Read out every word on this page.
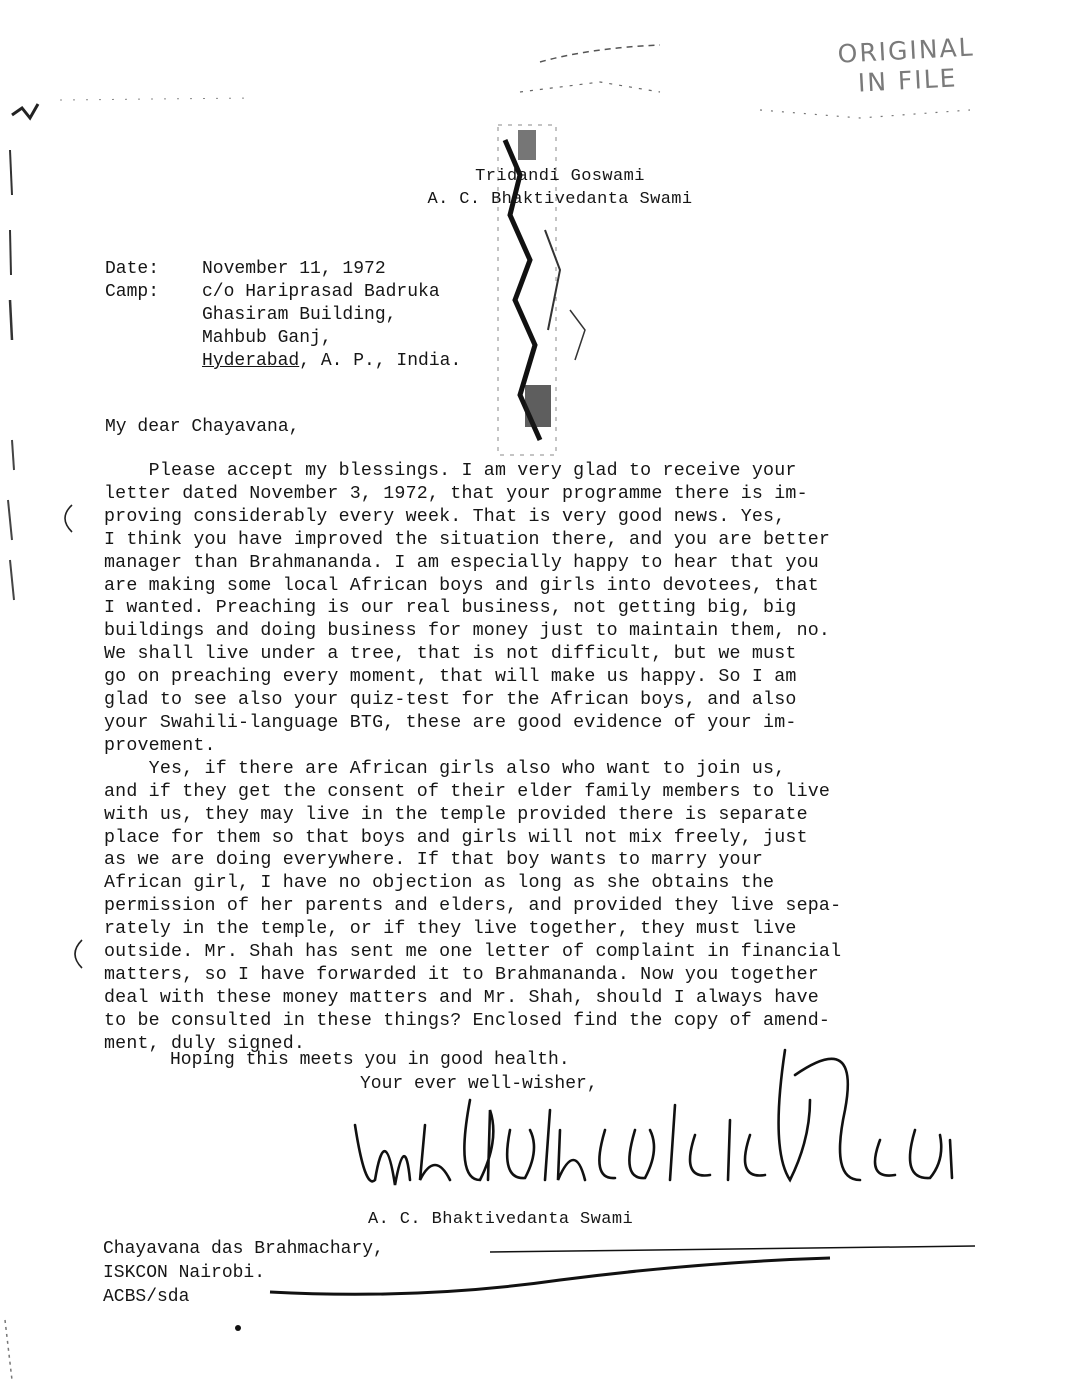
ORIGINAL
IN FILE
Tridandi Goswami
A. C. Bhaktivedanta Swami
Date: November 11, 1972
Camp: c/o Hariprasad Badruka
Ghasiram Building,
Mahbub Ganj,
Hyderabad, A. P., India.
My dear Chayavana,
Please accept my blessings. I am very glad to receive your
letter dated November 3, 1972, that your programme there is im-
proving considerably every week. That is very good news. Yes,
I think you have improved the situation there, and you are better
manager than Brahmananda. I am especially happy to hear that you
are making some local African boys and girls into devotees, that
I wanted. Preaching is our real business, not getting big, big
buildings and doing business for money just to maintain them, no.
We shall live under a tree, that is not difficult, but we must
go on preaching every moment, that will make us happy. So I am
glad to see also your quiz-test for the African boys, and also
your Swahili-language BTG, these are good evidence of your im-
provement.
Yes, if there are African girls also who want to join us,
and if they get the consent of their elder family members to live
with us, they may live in the temple provided there is separate
place for them so that boys and girls will not mix freely, just
as we are doing everywhere. If that boy wants to marry your
African girl, I have no objection as long as she obtains the
permission of her parents and elders, and provided they live sepa-
rately in the temple, or if they live together, they must live
outside. Mr. Shah has sent me one letter of complaint in financial
matters, so I have forwarded it to Brahmananda. Now you together
deal with these money matters and Mr. Shah, should I always have
to be consulted in these things? Enclosed find the copy of amend-
ment, duly signed.
Hoping this meets you in good health.
Your ever well-wisher,
A. C. Bhaktivedanta Swami
Chayavana das Brahmachary,
ISKCON Nairobi.
ACBS/sda
